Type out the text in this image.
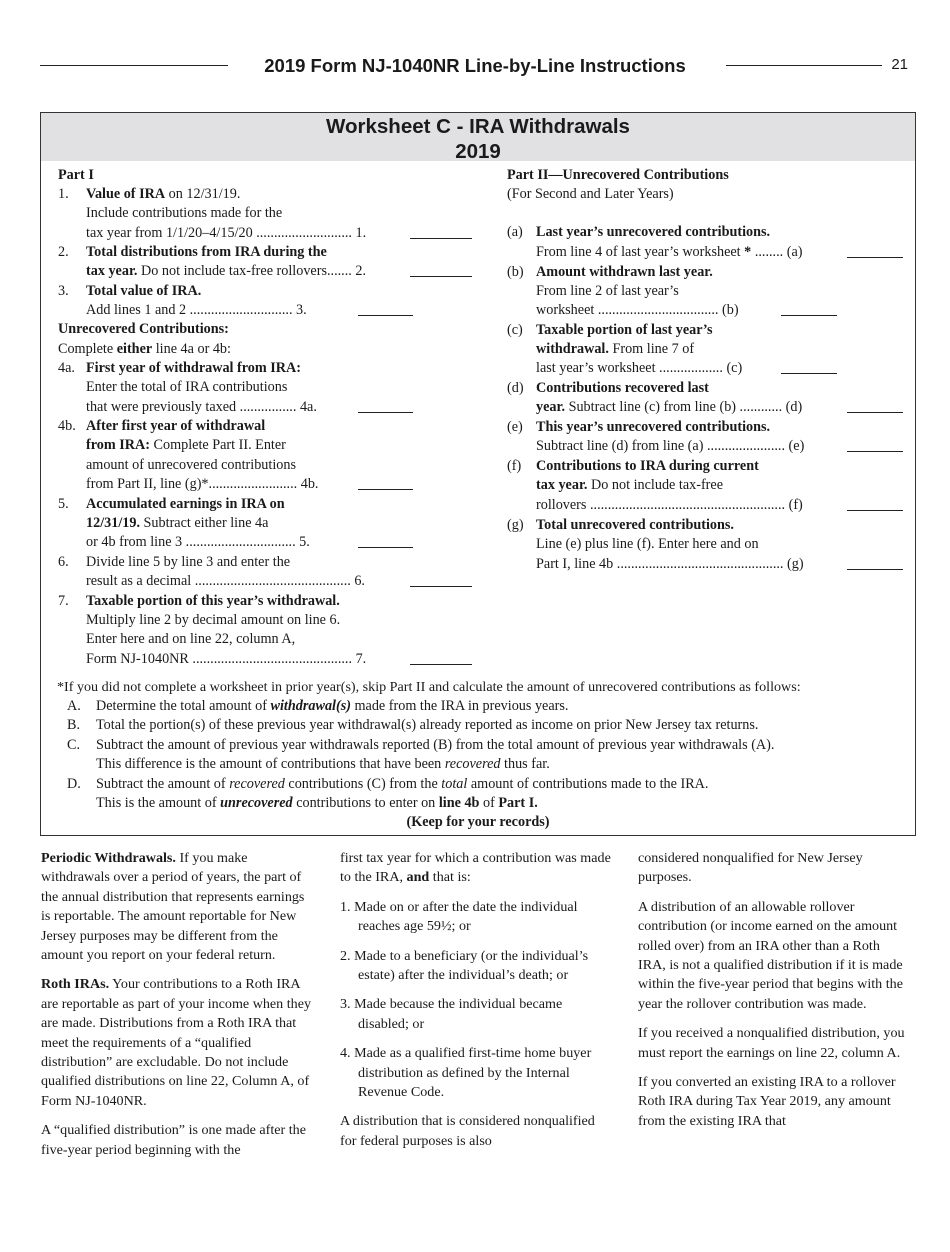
2019 Form NJ-1040NR Line-by-Line Instructions	21
Worksheet C - IRA Withdrawals
2019
Part I
1. Value of IRA on 12/31/19.
Include contributions made for the
tax year from 1/1/20–4/15/20 ........................... 1.
2. Total distributions from IRA during the
tax year. Do not include tax-free rollovers....... 2.
3. Total value of IRA.
Add lines 1 and 2 ............................. 3.
Unrecovered Contributions:
Complete either line 4a or 4b:
4a. First year of withdrawal from IRA:
Enter the total of IRA contributions
that were previously taxed ................ 4a.
4b. After first year of withdrawal
from IRA: Complete Part II. Enter
amount of unrecovered contributions
from Part II, line (g)*......................... 4b.
5. Accumulated earnings in IRA on
12/31/19. Subtract either line 4a
or 4b from line 3 ............................... 5.
6. Divide line 5 by line 3 and enter the
result as a decimal ............................................ 6.
7. Taxable portion of this year’s withdrawal.
Multiply line 2 by decimal amount on line 6.
Enter here and on line 22, column A,
Form NJ-1040NR ............................................. 7.
Part II—Unrecovered Contributions
(For Second and Later Years)
(a) Last year’s unrecovered contributions.
From line 4 of last year’s worksheet * ........ (a)
(b) Amount withdrawn last year.
From line 2 of last year’s
worksheet .................................. (b)
(c) Taxable portion of last year’s
withdrawal. From line 7 of
last year’s worksheet .................. (c)
(d) Contributions recovered last
year. Subtract line (c) from line (b) ............ (d)
(e) This year’s unrecovered contributions.
Subtract line (d) from line (a) ...................... (e)
(f) Contributions to IRA during current
tax year. Do not include tax-free
rollovers ....................................................... (f)
(g) Total unrecovered contributions.
Line (e) plus line (f). Enter here and on
Part I, line 4b ............................................... (g)
*If you did not complete a worksheet in prior year(s), skip Part II and calculate the amount of unrecovered contributions as follows:
A. Determine the total amount of withdrawal(s) made from the IRA in previous years.
B. Total the portion(s) of these previous year withdrawal(s) already reported as income on prior New Jersey tax returns.
C. Subtract the amount of previous year withdrawals reported (B) from the total amount of previous year withdrawals (A).
This difference is the amount of contributions that have been recovered thus far.
D. Subtract the amount of recovered contributions (C) from the total amount of contributions made to the IRA.
This is the amount of unrecovered contributions to enter on line 4b of Part I.
(Keep for your records)

Periodic Withdrawals. If you make withdrawals over a period of years, the part of the annual distribution that represents earnings is reportable. The amount reportable for New Jersey purposes may be different from the amount you report on your federal return.

Roth IRAs. Your contributions to a Roth IRA are reportable as part of your income when they are made. Distributions from a Roth IRA that meet the requirements of a “qualified distribution” are excludable. Do not include qualified distributions on line 22, Column A, of Form NJ-1040NR.

A “qualified distribution” is one made after the five-year period beginning with the

first tax year for which a contribution was made to the IRA, and that is:

1. Made on or after the date the individual reaches age 59½; or
2. Made to a beneficiary (or the individual’s estate) after the individual’s death; or
3. Made because the individual became disabled; or
4. Made as a qualified first-time home buyer distribution as defined by the Internal Revenue Code.

A distribution that is considered nonqualified for federal purposes is also

considered nonqualified for New Jersey purposes.

A distribution of an allowable rollover contribution (or income earned on the amount rolled over) from an IRA other than a Roth IRA, is not a qualified distribution if it is made within the five-year period that begins with the year the rollover contribution was made.

If you received a nonqualified distribution, you must report the earnings on line 22, column A.

If you converted an existing IRA to a rollover Roth IRA during Tax Year 2019, any amount from the existing IRA that
